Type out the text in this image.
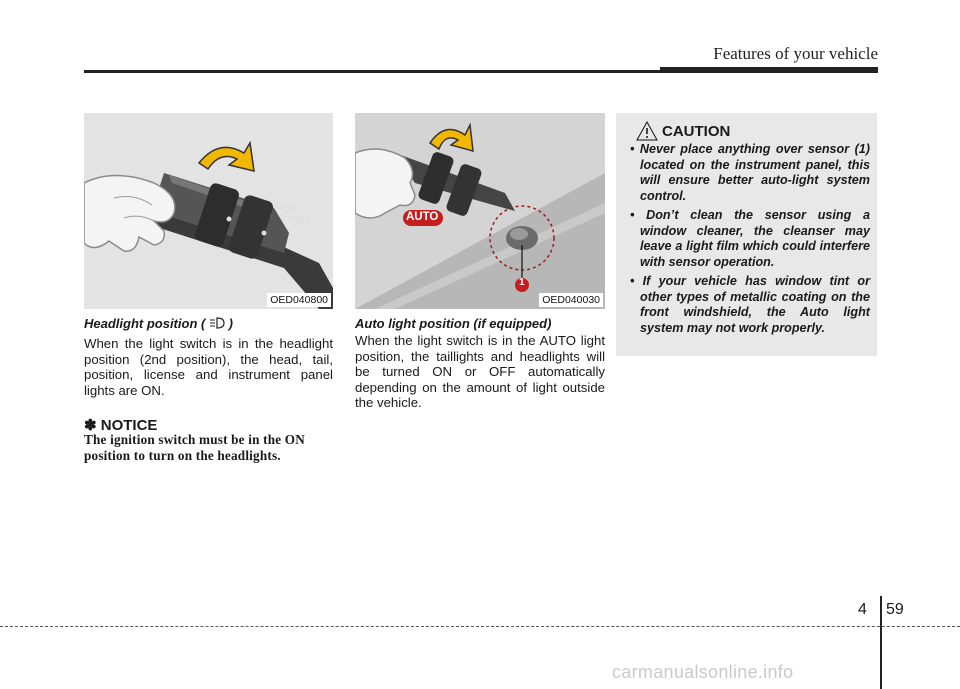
Features of your vehicle
OED040800
Headlight position ( )
When the light switch is in the headlight position (2nd position), the head, tail, position, license and instrument panel lights are ON.
✽ NOTICE
The ignition switch must be in the ON position to turn on the headlights.
AUTO
1
OED040030
Auto light position (if equipped)
When the light switch is in the AUTO light position, the taillights and headlights will be turned ON or OFF automatically depending on the amount of light outside the vehicle.
CAUTION
• Never place anything over sensor (1) located on the instrument panel, this will ensure better auto-light system control.
• Don’t clean the sensor using a window cleaner, the cleanser may leave a light film which could interfere with sensor operation.
• If your vehicle has window tint or other types of metallic coating on the front windshield, the Auto light system may not work properly.
4 59
carmanualsonline.info
